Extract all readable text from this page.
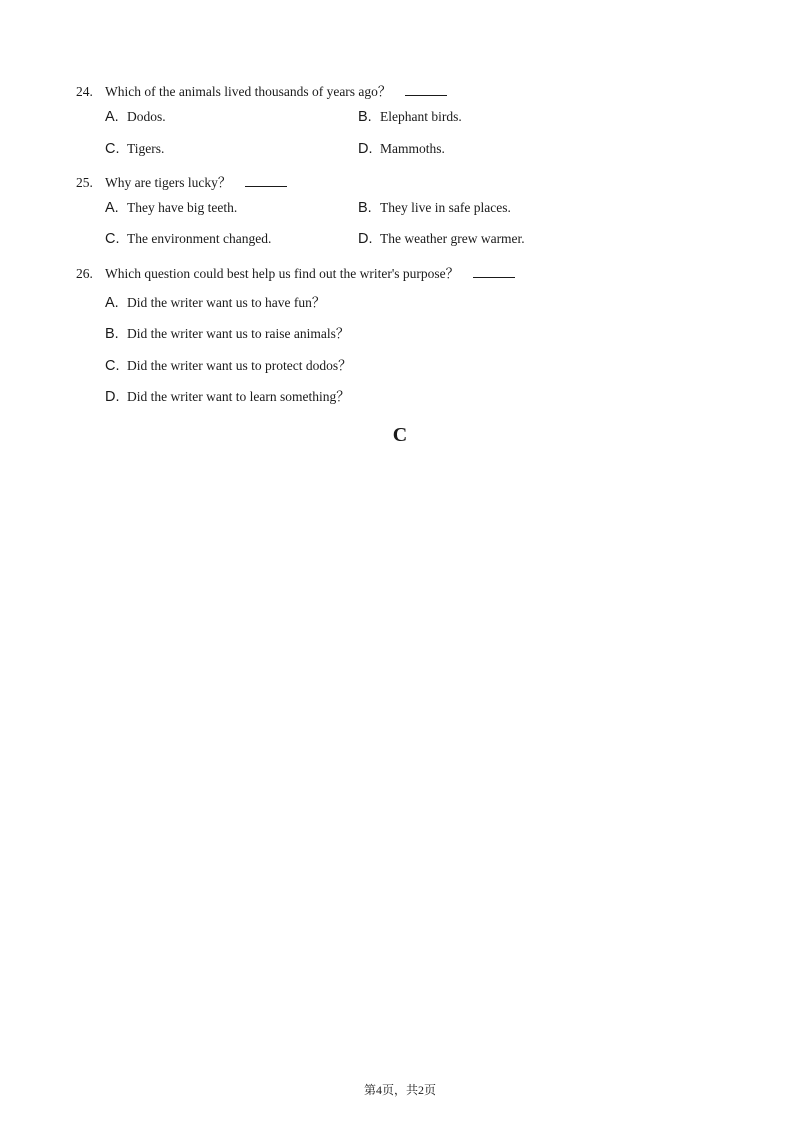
24. Which of the animals lived thousands of years ago？
A. Dodos.	B. Elephant birds.
C. Tigers.	D. Mammoths.
25. Why are tigers lucky？
A. They have big teeth.	B. They live in safe places.
C. The environment changed.	D. The weather grew warmer.
26. Which question could best help us find out the writer's purpose？
A. Did the writer want us to have fun？
B. Did the writer want us to raise animals？
C. Did the writer want us to protect dodos？
D. Did the writer want to learn something？
C
第4页，共2页
